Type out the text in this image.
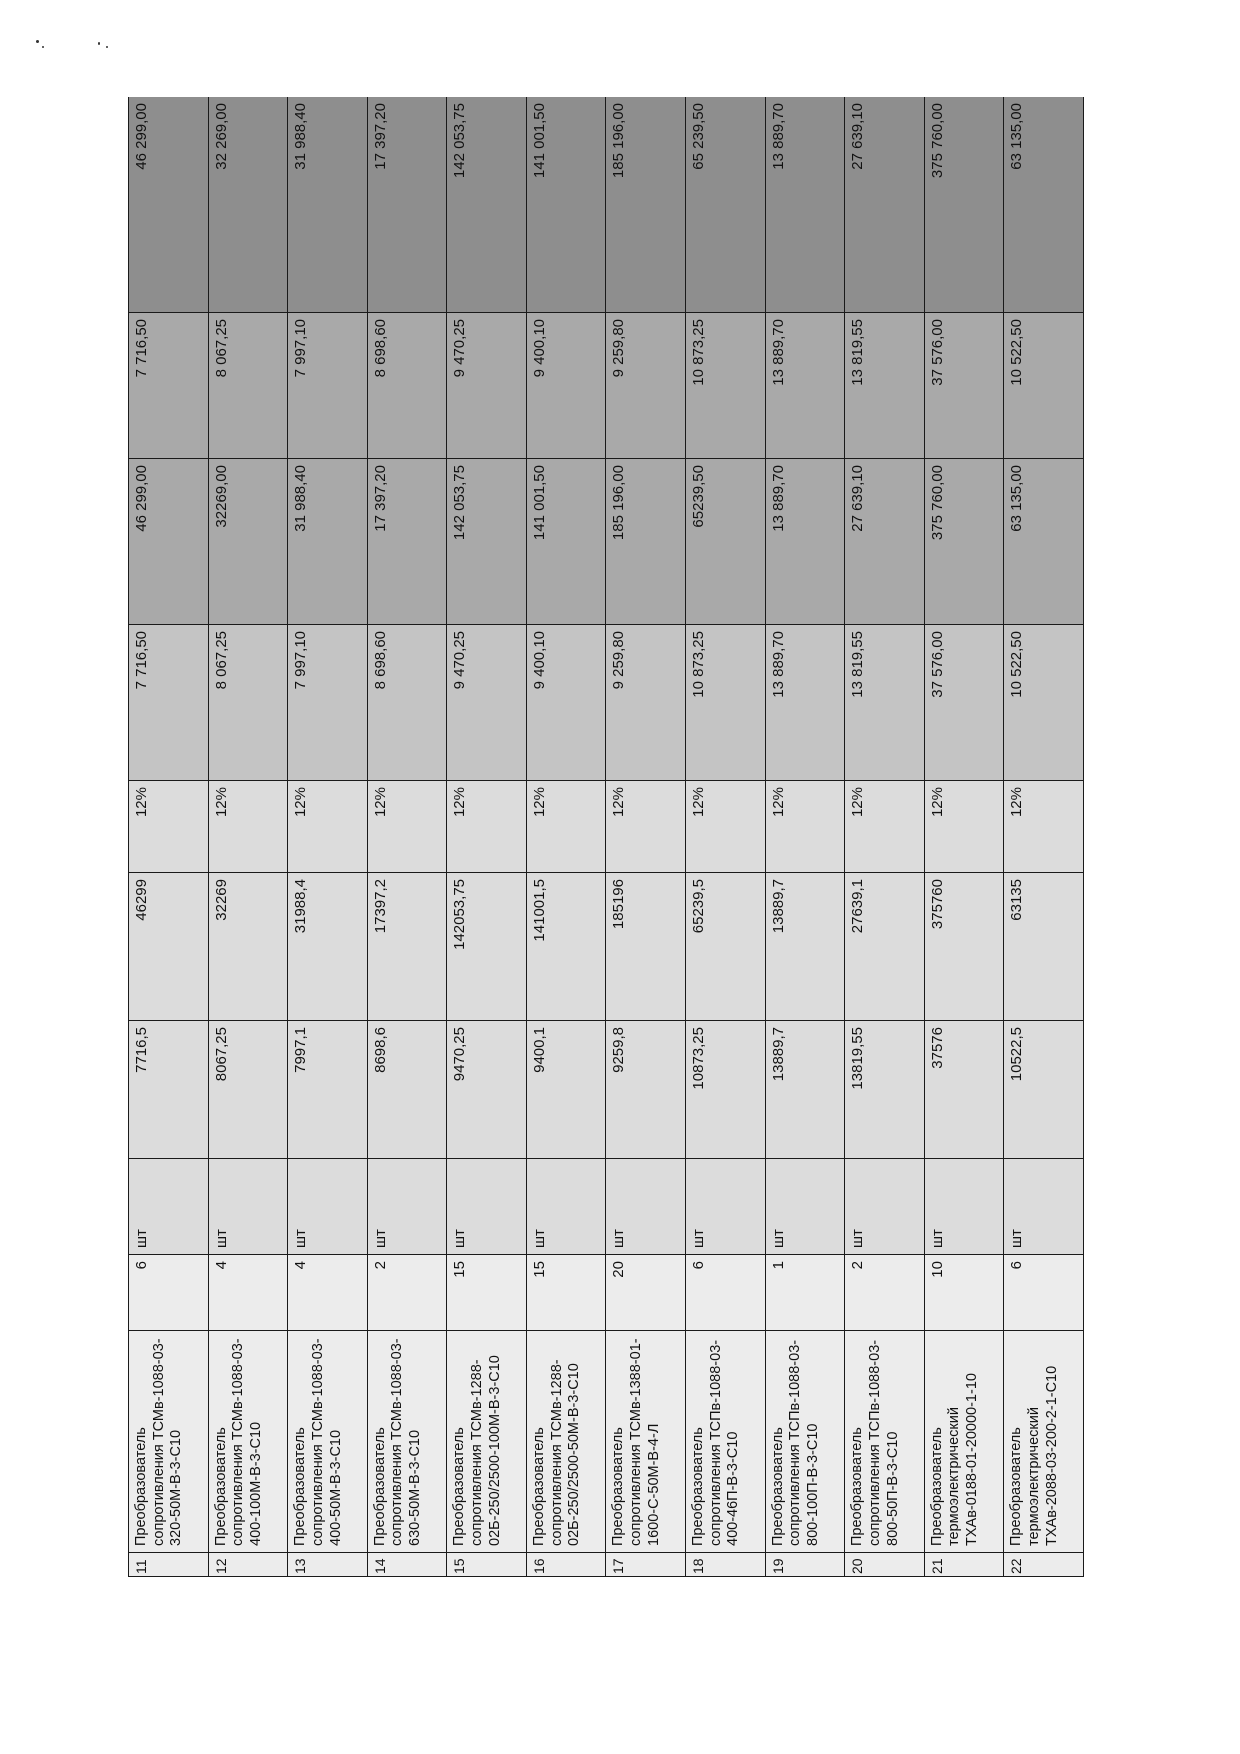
11	Преобразователь сопротивления ТСМв-1088-03-320-50М-В-3-С10	6	шт	7716,5	46299	12%	7 716,50	46 299,00	7 716,50	46 299,00
12	Преобразователь сопротивления ТСМв-1088-03-400-100М-В-3-С10	4	шт	8067,25	32269	12%	8 067,25	32269,00	8 067,25	32 269,00
13	Преобразователь сопротивления ТСМв-1088-03-400-50М-В-3-С10	4	шт	7997,1	31988,4	12%	7 997,10	31 988,40	7 997,10	31 988,40
14	Преобразователь сопротивления ТСМв-1088-03-630-50М-В-3-С10	2	шт	8698,6	17397,2	12%	8 698,60	17 397,20	8 698,60	17 397,20
15	Преобразователь сопротивления ТСМв-1288-02Б-250/2500-100М-В-3-С10	15	шт	9470,25	142053,75	12%	9 470,25	142 053,75	9 470,25	142 053,75
16	Преобразователь сопротивления ТСМв-1288-02Б-250/2500-50М-В-3-С10	15	шт	9400,1	141001,5	12%	9 400,10	141 001,50	9 400,10	141 001,50
17	Преобразователь сопротивления ТСМв-1388-01-1600-С-50М-В-4-Л	20	шт	9259,8	185196	12%	9 259,80	185 196,00	9 259,80	185 196,00
18	Преобразователь сопротивления ТСПв-1088-03-400-46П-В-3-С10	6	шт	10873,25	65239,5	12%	10 873,25	65239,50	10 873,25	65 239,50
19	Преобразователь сопротивления ТСПв-1088-03-800-100П-В-3-С10	1	шт	13889,7	13889,7	12%	13 889,70	13 889,70	13 889,70	13 889,70
20	Преобразователь сопротивления ТСПв-1088-03-800-50П-В-3-С10	2	шт	13819,55	27639,1	12%	13 819,55	27 639,10	13 819,55	27 639,10
21	Преобразователь термоэлектрический ТХАв-0188-01-20000-1-10	10	шт	37576	375760	12%	37 576,00	375 760,00	37 576,00	375 760,00
22	Преобразователь термоэлектрический ТХАв-2088-03-200-2-1-С10	6	шт	10522,5	63135	12%	10 522,50	63 135,00	10 522,50	63 135,00
